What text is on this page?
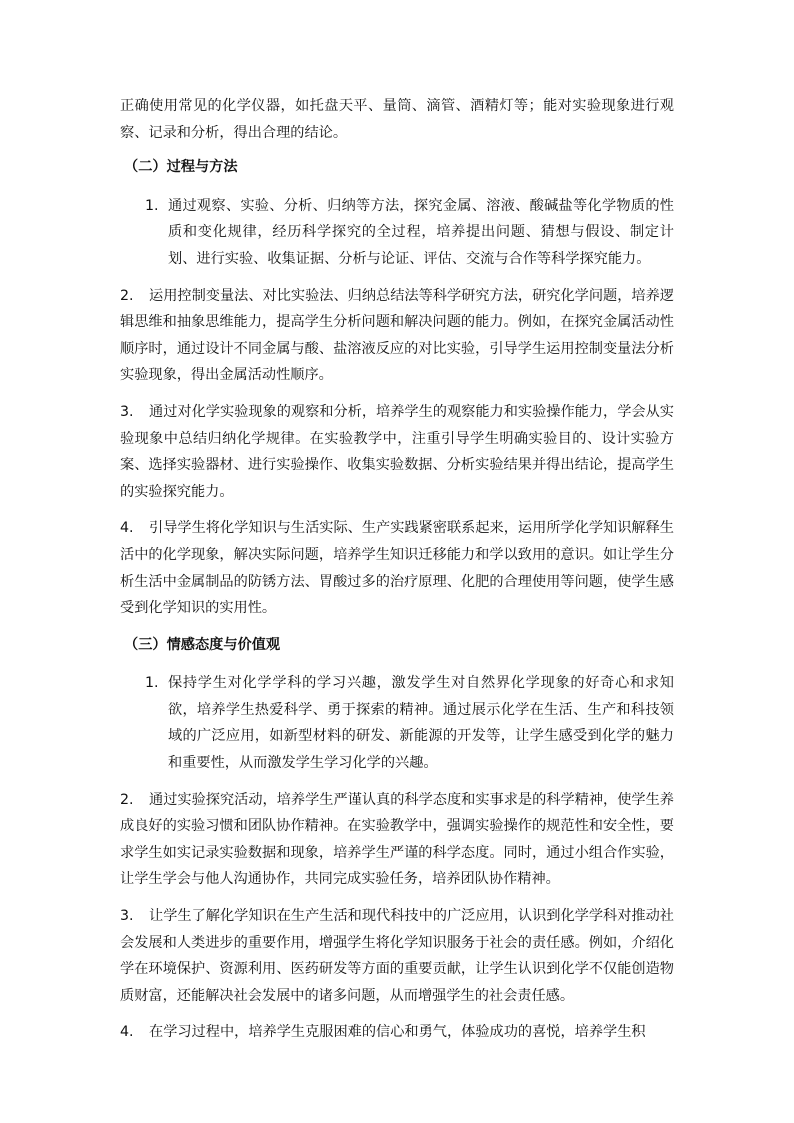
正确使用常见的化学仪器，如托盘天平、量筒、滴管、酒精灯等；能对实验现象进行观察、记录和分析，得出合理的结论。

（二）过程与方法

1. 通过观察、实验、分析、归纳等方法，探究金属、溶液、酸碱盐等化学物质的性质和变化规律，经历科学探究的全过程，培养提出问题、猜想与假设、制定计划、进行实验、收集证据、分析与论证、评估、交流与合作等科学探究能力。

2. 运用控制变量法、对比实验法、归纳总结法等科学研究方法，研究化学问题，培养逻辑思维和抽象思维能力，提高学生分析问题和解决问题的能力。例如，在探究金属活动性顺序时，通过设计不同金属与酸、盐溶液反应的对比实验，引导学生运用控制变量法分析实验现象，得出金属活动性顺序。

3. 通过对化学实验现象的观察和分析，培养学生的观察能力和实验操作能力，学会从实验现象中总结归纳化学规律。在实验教学中，注重引导学生明确实验目的、设计实验方案、选择实验器材、进行实验操作、收集实验数据、分析实验结果并得出结论，提高学生的实验探究能力。

4. 引导学生将化学知识与生活实际、生产实践紧密联系起来，运用所学化学知识解释生活中的化学现象，解决实际问题，培养学生知识迁移能力和学以致用的意识。如让学生分析生活中金属制品的防锈方法、胃酸过多的治疗原理、化肥的合理使用等问题，使学生感受到化学知识的实用性。

（三）情感态度与价值观

1. 保持学生对化学学科的学习兴趣，激发学生对自然界化学现象的好奇心和求知欲，培养学生热爱科学、勇于探索的精神。通过展示化学在生活、生产和科技领域的广泛应用，如新型材料的研发、新能源的开发等，让学生感受到化学的魅力和重要性，从而激发学生学习化学的兴趣。

2. 通过实验探究活动，培养学生严谨认真的科学态度和实事求是的科学精神，使学生养成良好的实验习惯和团队协作精神。在实验教学中，强调实验操作的规范性和安全性，要求学生如实记录实验数据和现象，培养学生严谨的科学态度。同时，通过小组合作实验，让学生学会与他人沟通协作，共同完成实验任务，培养团队协作精神。

3. 让学生了解化学知识在生产生活和现代科技中的广泛应用，认识到化学学科对推动社会发展和人类进步的重要作用，增强学生将化学知识服务于社会的责任感。例如，介绍化学在环境保护、资源利用、医药研发等方面的重要贡献，让学生认识到化学不仅能创造物质财富，还能解决社会发展中的诸多问题，从而增强学生的社会责任感。

4. 在学习过程中，培养学生克服困难的信心和勇气，体验成功的喜悦，培养学生积
